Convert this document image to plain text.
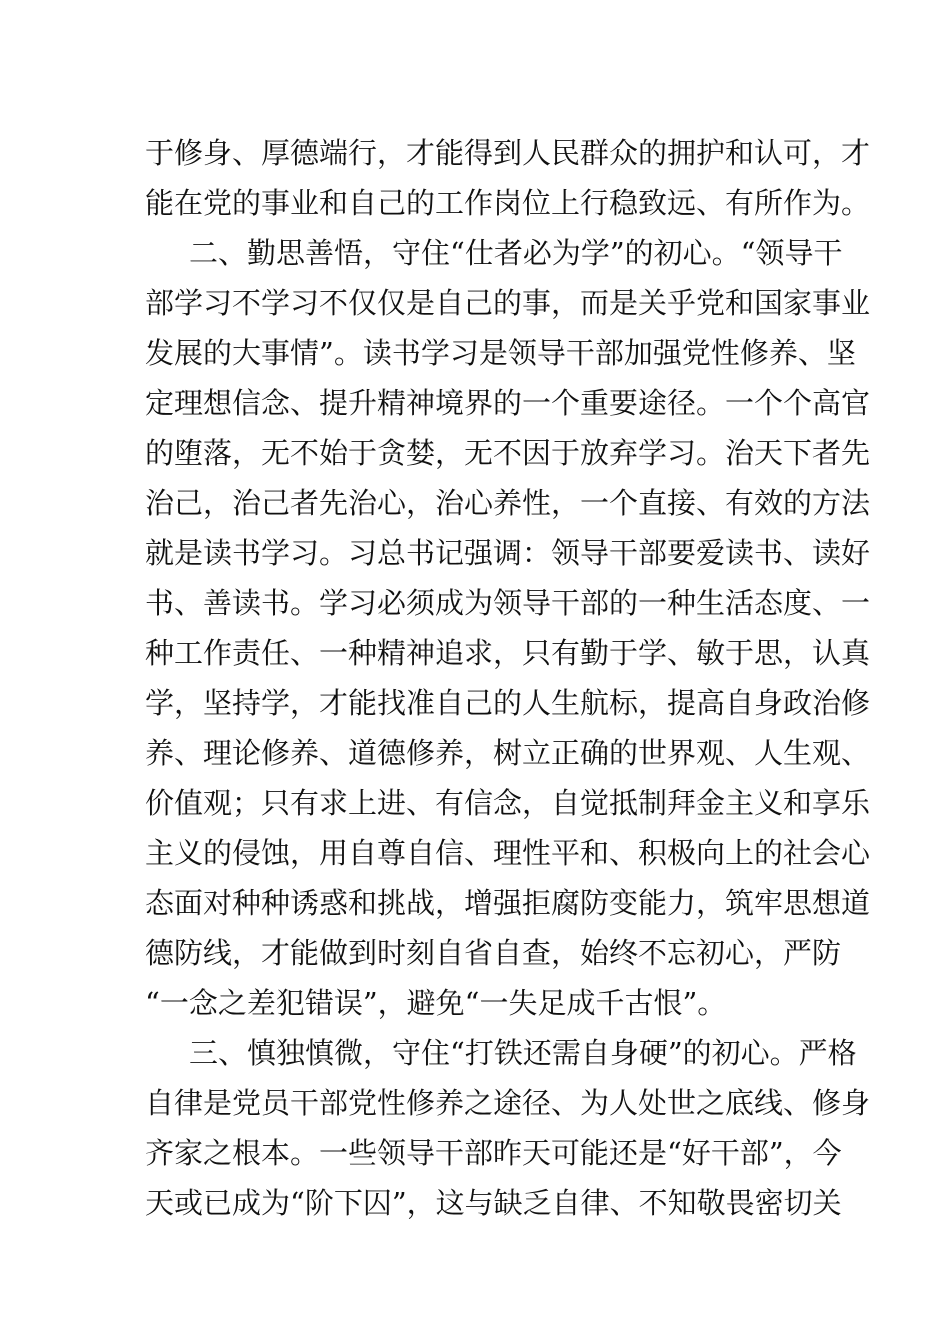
于修身、厚德端行，才能得到人民群众的拥护和认可，才
能在党的事业和自己的工作岗位上行稳致远、有所作为。
二、勤思善悟，守住“仕者必为学”的初心。“领导干
部学习不学习不仅仅是自己的事，而是关乎党和国家事业
发展的大事情”。读书学习是领导干部加强党性修养、坚
定理想信念、提升精神境界的一个重要途径。一个个高官
的堕落，无不始于贪婪，无不因于放弃学习。治天下者先
治己，治己者先治心，治心养性，一个直接、有效的方法
就是读书学习。习总书记强调：领导干部要爱读书、读好
书、善读书。学习必须成为领导干部的一种生活态度、一
种工作责任、一种精神追求，只有勤于学、敏于思，认真
学，坚持学，才能找准自己的人生航标，提高自身政治修
养、理论修养、道德修养，树立正确的世界观、人生观、
价值观；只有求上进、有信念，自觉抵制拜金主义和享乐
主义的侵蚀，用自尊自信、理性平和、积极向上的社会心
态面对种种诱惑和挑战，增强拒腐防变能力，筑牢思想道
德防线，才能做到时刻自省自查，始终不忘初心，严防
“一念之差犯错误”，避免“一失足成千古恨”。
三、慎独慎微，守住“打铁还需自身硬”的初心。严格
自律是党员干部党性修养之途径、为人处世之底线、修身
齐家之根本。一些领导干部昨天可能还是“好干部”，今
天或已成为“阶下囚”，这与缺乏自律、不知敬畏密切关
